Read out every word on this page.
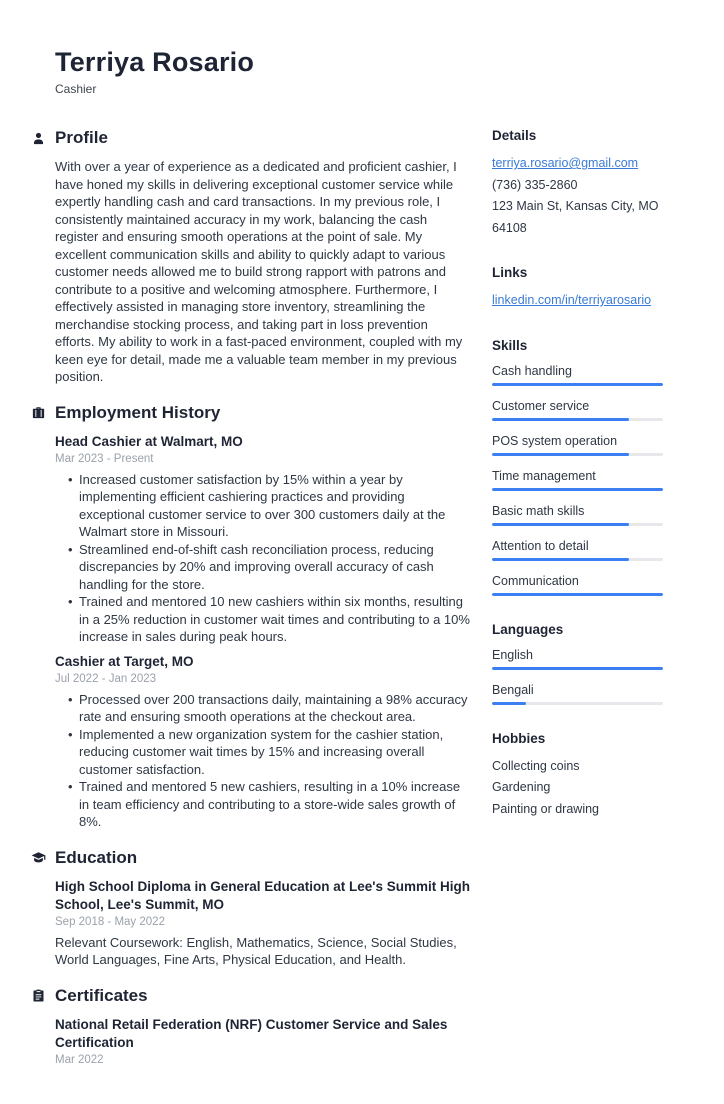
Terriya Rosario
Cashier
Profile

With over a year of experience as a dedicated and proficient cashier, I have honed my skills in delivering exceptional customer service while expertly handling cash and card transactions. In my previous role, I consistently maintained accuracy in my work, balancing the cash register and ensuring smooth operations at the point of sale. My excellent communication skills and ability to quickly adapt to various customer needs allowed me to build strong rapport with patrons and contribute to a positive and welcoming atmosphere. Furthermore, I effectively assisted in managing store inventory, streamlining the merchandise stocking process, and taking part in loss prevention efforts. My ability to work in a fast-paced environment, coupled with my keen eye for detail, made me a valuable team member in my previous position.

Employment History
Head Cashier at Walmart, MO
Mar 2023 - Present
• Increased customer satisfaction by 15% within a year by implementing efficient cashiering practices and providing exceptional customer service to over 300 customers daily at the Walmart store in Missouri.
• Streamlined end-of-shift cash reconciliation process, reducing discrepancies by 20% and improving overall accuracy of cash handling for the store.
• Trained and mentored 10 new cashiers within six months, resulting in a 25% reduction in customer wait times and contributing to a 10% increase in sales during peak hours.
Cashier at Target, MO
Jul 2022 - Jan 2023
• Processed over 200 transactions daily, maintaining a 98% accuracy rate and ensuring smooth operations at the checkout area.
• Implemented a new organization system for the cashier station, reducing customer wait times by 15% and increasing overall customer satisfaction.
• Trained and mentored 5 new cashiers, resulting in a 10% increase in team efficiency and contributing to a store-wide sales growth of 8%.
Education
High School Diploma in General Education at Lee's Summit High School, Lee's Summit, MO
Sep 2018 - May 2022

Relevant Coursework: English, Mathematics, Science, Social Studies, World Languages, Fine Arts, Physical Education, and Health.

Certificates
National Retail Federation (NRF) Customer Service and Sales Certification
Mar 2022
Details
terriya.rosario@gmail.com
(736) 335-2860
123 Main St, Kansas City, MO 64108
Links
linkedin.com/in/terriyarosario
Skills
Cash handling
Customer service
POS system operation
Time management
Basic math skills
Attention to detail
Communication
Languages
English
Bengali
Hobbies
Collecting coins
Gardening
Painting or drawing
